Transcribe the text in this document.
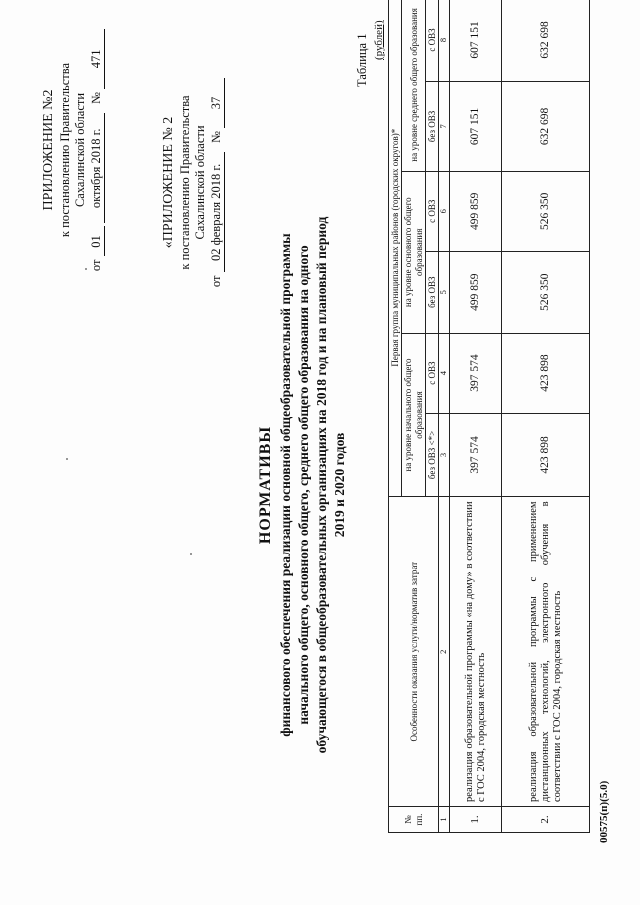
ПРИЛОЖЕНИЕ №2 к постановлению Правительства Сахалинской области
от 01 октября 2018 г.   № 471
«ПРИЛОЖЕНИЕ № 2 к постановлению Правительства Сахалинской области
от 02 февраля 2018 г.   № 37
НОРМАТИВЫ финансового обеспечения реализации основной общеобразовательной программы начального общего, основного общего, среднего общего образования на одного обучающегося в общеобразовательных организациях на 2018 год и на плановый период 2019 и 2020 годов
Таблица 1 (рублей)
№
пп.	Особенности оказания услуги/норматив затрат	Первая группа муниципальных районов (городских округов)*					
		на уровне начального общего образования		на уровне основного общего образования		на уровне среднего общего образования	
		без ОВЗ <*>	с ОВЗ	без ОВЗ	с ОВЗ	без ОВЗ	с ОВЗ
1	2	3	4	5	6	7	8
1.	реализация образовательной программы «на дому» в соответствии с ГОС 2004, городская местность	397 574	397 574	499 859	499 859	607 151	607 151
2.	реализация образовательной программы с применением дистанционных технологий, электронного обучения в соответствии с ГОС 2004, городская местность	423 898	423 898	526 350	526 350	632 698	632 698
00575(п)(5.0)
